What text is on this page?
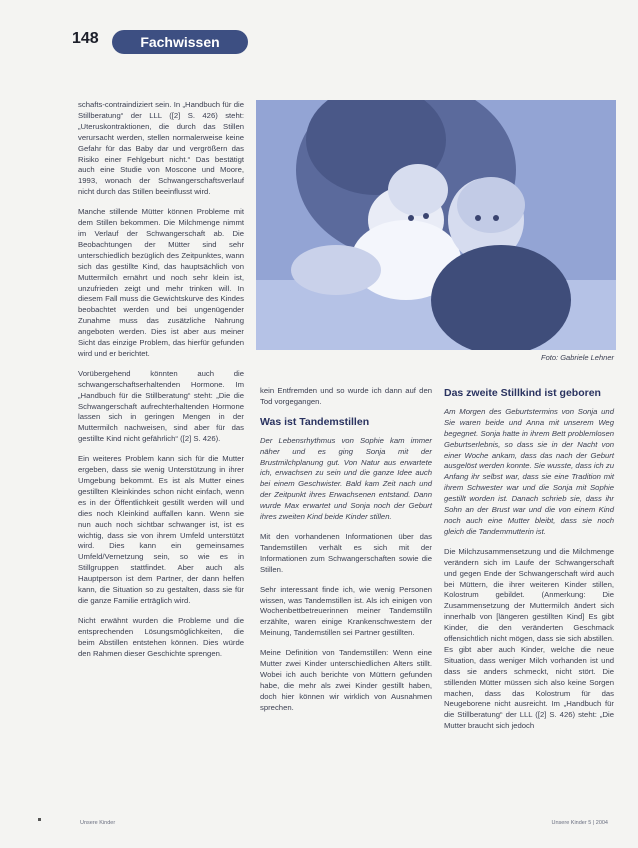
148	Fachwissen

schafts-contraindiziert sein. In „Handbuch für die Stillberatung“ der LLL ([2] S. 426) steht: „Uteruskontraktionen, die durch das Stillen verursacht werden, stellen normalerweise keine Gefahr für das Baby dar und vergrößern das Risiko einer Fehlgeburt nicht.“ Das bestätigt auch eine Studie von Moscone und Moore, 1993, wonach der Schwangerschaftsverlauf nicht durch das Stillen beeinflusst wird.

Manche stillende Mütter können Probleme mit dem Stillen bekommen. Die Milchmenge nimmt im Verlauf der Schwangerschaft ab. Die Beobachtungen der Mütter sind sehr unterschiedlich bezüglich des Zeitpunktes, wann sich das gestillte Kind, das hauptsächlich von Muttermilch ernährt und noch sehr klein ist, unzufrieden zeigt und mehr trinken will. In diesem Fall muss die Gewichtskurve des Kindes beobachtet werden und bei ungenügender Zunahme muss das zusätzliche Nahrung angeboten werden. Dies ist aber aus meiner Sicht das einzige Problem, das hierfür gefunden wird und er berichtet.

Vorübergehend könnten auch die schwangerschaftserhaltenden Hormone. Im „Handbuch für die Stillberatung“ steht: „Die die Schwangerschaft aufrechterhaltenden Hormone lassen sich in geringen Mengen in der Muttermilch nachweisen, sind aber für das gestillte Kind nicht gefährlich“ ([2] S. 426).

Ein weiteres Problem kann sich für die Mutter ergeben, dass sie wenig Unterstützung in ihrer Umgebung bekommt. Es ist als Mutter eines gestillten Kleinkindes schon nicht einfach, wenn es in der Öffentlichkeit gestillt werden will und dies noch Kleinkind auffallen kann. Wenn sie nun auch noch sichtbar schwanger ist, ist es wichtig, dass sie von ihrem Umfeld unterstützt wird. Dies kann ein gemeinsames Umfeld/Vernetzung sein, so wie es in Stillgruppen stattfindet. Aber auch als Hauptperson ist dem Partner, der dann helfen kann, die Situation so zu gestalten, dass sie für die ganze Familie erträglich wird.

Nicht erwähnt wurden die Probleme und die entsprechenden Lösungsmöglichkeiten, die beim Abstillen entstehen können. Dies würde den Rahmen dieser Geschichte sprengen.

Foto: Gabriele Lehner

kein Entfremden und so wurde ich dann auf den Tod vorgegangen.

Was ist Tandemstillen

Der Lebensrhythmus von Sophie kam immer näher und es ging Sonja mit der Brustmilchplanung gut. Von Natur aus erwartete ich, erwachsen zu sein und die ganze Idee auch bei einem Geschwister. Bald kam Zeit nach und der Zeitpunkt ihres Erwachsenen entstand. Dann wurde Max erwartet und Sonja noch der Geburt ihres zweiten Kind beide Kinder stillen.

Mit den vorhandenen Informationen über das Tandemstillen verhält es sich mit der Informationen zum Schwangerschaften sowie die Stillen.

Sehr interessant finde ich, wie wenig Personen wissen, was Tandemstillen ist. Als ich einigen von Wochenbettbetreuerinnen meiner Tandemstilln erzählte, waren einige Krankenschwestern der Meinung, Tandemstillen sei Partner gestillten.

Meine Definition von Tandemstillen: Wenn eine Mutter zwei Kinder unterschiedlichen Alters stillt. Wobei ich auch berichte von Müttern gefunden habe, die mehr als zwei Kinder gestillt haben, doch hier können wir wirklich von Ausnahmen sprechen.

Das zweite Stillkind ist geboren

Am Morgen des Geburtstermins von Sonja und Sie waren beide und Anna mit unserem Weg begegnet. Sonja hatte in ihrem Bett problemlosen Geburtserlebnis, so dass sie in der Nacht von einer Woche ankam, dass das nach der Geburt ausgelöst werden konnte. Sie wusste, dass ich zu Anfang ihr selbst war, dass sie eine Tradition mit ihrem Schwester war und die Sonja mit Sophie gestillt worden ist. Danach schrieb sie, dass ihr Sohn an der Brust war und die von einem Kind noch auch eine Mutter bleibt, dass sie noch gleich die Tandemmutterin ist.

Die Milchzusammensetzung und die Milchmenge verändern sich im Laufe der Schwangerschaft und gegen Ende der Schwangerschaft wird auch bei Müttern, die ihrer weiteren Kinder stillen, Kolostrum gebildet. (Anmerkung: Die Zusammensetzung der Muttermilch ändert sich innerhalb von [längeren gestillten Kind] Es gibt Kinder, die den veränderten Geschmack offensichtlich nicht mögen, dass sie sich abstillen. Es gibt aber auch Kinder, welche die neue Situation, dass weniger Milch vorhanden ist und dass sie anders schmeckt, nicht stört. Die stillenden Mütter müssen sich also keine Sorgen machen, dass das Kolostrum für das Neugeborene nicht ausreicht. Im „Handbuch für die Stillberatung“ der LLL ([2] S. 426) steht: „Die Mutter braucht sich jedoch

Unsere Kinder	Unsere Kinder 5 | 2004
